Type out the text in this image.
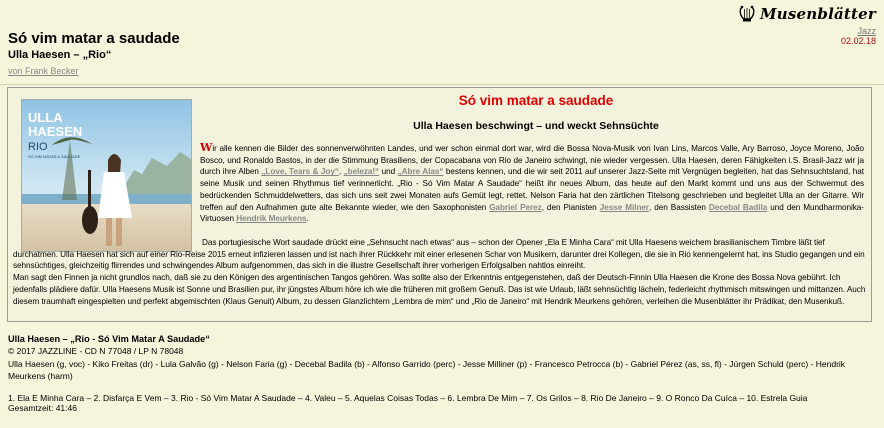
Só vim matar a saudade
Ulla Haesen – „Rio“
von Frank Becker
Musenblätter
Jazz
02.02.18
ULLA
HAESEN
RIO
SÓ VIM MATAR A SAUDADE
Só vim matar a saudade
Ulla Haesen beschwingt – und weckt Sehnsüchte

Wir alle kennen die Bilder des sonnenverwöhnten Landes, und wer schon einmal dort war, wird die Bossa Nova-Musik von Ivan Lins, Marcos Valle, Ary Barroso, Joyce Moreno, João Bosco, und Ronaldo Bastos, in der die Stimmung Brasiliens, der Copacabana von Rio de Janeiro schwingt, nie wieder vergessen. Ulla Haesen, deren Fähigkeiten i.S. Brasil-Jazz wir ja durch ihre Alben „Love, Tears & Joy“, „beleza!“ und „Abre Alas“ bestens kennen, und die wir seit 2011 auf unserer Jazz-Seite mit Vergnügen begleiten, hat das Sehnsuchtsland, hat seine Musik und seinen Rhythmus tief verinnerlicht. „Rio - Só Vim Matar A Saudade“ heißt ihr neues Album, das heute auf den Markt kommt und uns aus der Schwermut des bedrückenden Schmuddelwetters, das sich uns seit zwei Monaten aufs Gemüt legt, rettet. Nelson Faria hat den zärtlichen Titelsong geschrieben und begleitet Ulla an der Gitarre. Wir treffen auf den Aufnahmen gute alte Bekannte wieder, wie den Saxophonisten Gabriel Perez, den Pianisten Jesse Milner, den Bassisten Decebal Badila und den Mundharmonika-Virtuosen Hendrik Meurkens.

Das portugiesische Wort saudade drückt eine „Sehnsucht nach etwas“ aus – schon der Opener „Ela E Minha Cara“ mit Ulla Haesens weichem brasilianischem Timbre läßt tief durchatmen. Ulla Haesen hat sich auf einer Rio-Reise 2015 erneut infizieren lassen und ist nach ihrer Rückkehr mit einer erlesenen Schar von Musikern, darunter drei Kollegen, die sie in Rio kennengelernt hat, ins Studio gegangen und ein sehnsüchtiges, gleichzeitig flirrendes und schwingendes Album aufgenommen, das sich in die illustre Gesellschaft ihrer vorherigen Erfolgsalben nahtlos einreiht.
Man sagt den Finnen ja nicht grundlos nach, daß sie zu den Königen des argentinischen Tangos gehören. Was sollte also der Erkenntnis entgegenstehen, daß der Deutsch-Finnin Ulla Haesen die Krone des Bossa Nova gebührt. Ich jedenfalls plädiere dafür. Ulla Haesens Musik ist Sonne und Brasilien pur, ihr jüngstes Album höre ich wie die früheren mit großem Genuß. Das ist wie Urlaub, läßt sehnsüchtig lächeln, federleicht rhythmisch mitswingen und mittanzen. Auch diesem traumhaft eingespielten und perfekt abgemischten (Klaus Genuit) Album, zu dessen Glanzlichtern „Lembra de mim“ und „Rio de Janeiro“ mit Hendrik Meurkens gehören, verleihen die Musenblätter ihr Prädikat, den Musenkuß.

Ulla Haesen – „Rio - Só Vim Matar A Saudade“
© 2017 JAZZLINE - CD N 77048 / LP N 78048
Ulla Haesen (g, voc) - Kiko Freitas (dr) - Lula Galvão (g) - Nelson Faria (g) - Decebal Badila (b) - Alfonso Garrido (perc) - Jesse Milliner (p) - Francesco Petrocca (b) - Gabriel Pérez (as, ss, fl) - Jürgen Schuld (perc) - Hendrik Meurkens (harm)
1. Ela E Minha Cara – 2. Disfarça E Vem – 3. Rio - Só Vim Matar A Saudade – 4. Valeu – 5. Aquelas Coisas Todas – 6. Lembra De Mim – 7. Os Grilos – 8. Rio De Janeiro – 9. O Ronco Da Cuíca – 10. Estrela Guia
Gesamtzeit: 41:46
